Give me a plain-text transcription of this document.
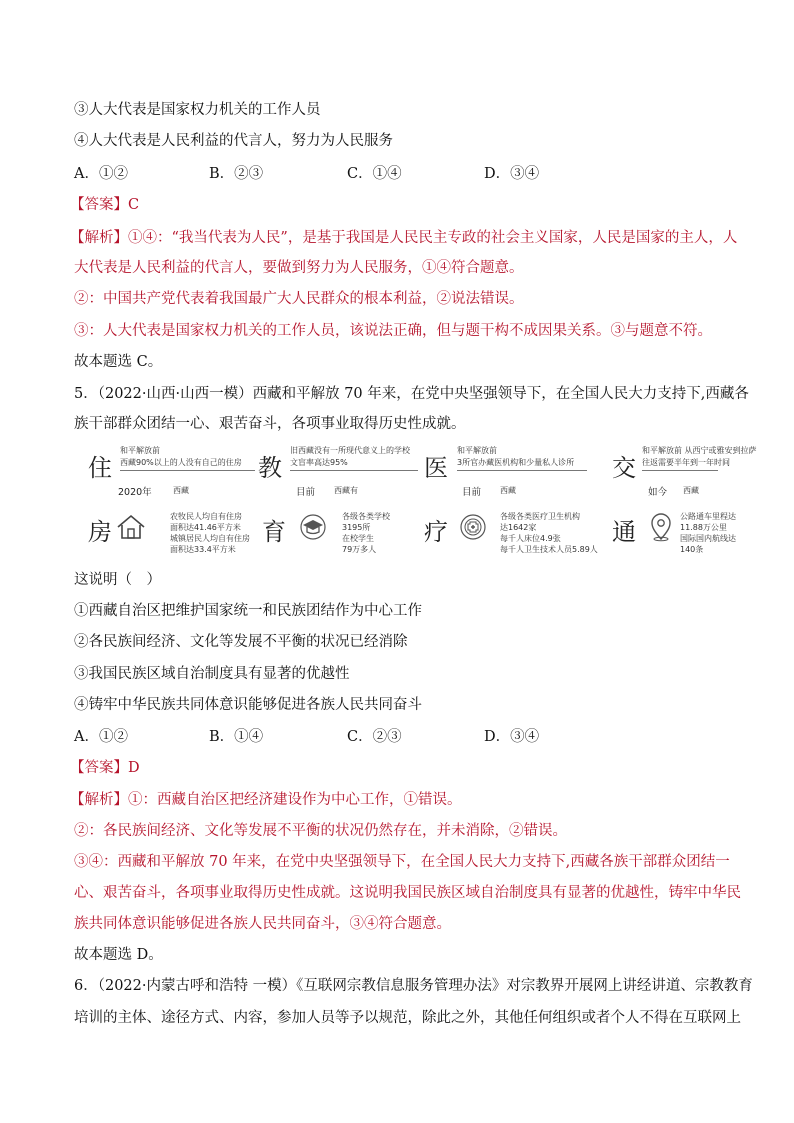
③人大代表是国家权力机关的工作人员
④人大代表是人民利益的代言人，努力为人民服务
A．①②	B．②③	C．①④	D．③④
【答案】C
【解析】①④：“我当代表为人民”，是基于我国是人民民主专政的社会主义国家，人民是国家的主人，人
大代表是人民利益的代言人，要做到努力为人民服务，①④符合题意。
②：中国共产党代表着我国最广大人民群众的根本利益，②说法错误。
③：人大代表是国家权力机关的工作人员，该说法正确，但与题干构不成因果关系。③与题意不符。
故本题选 C。
5．（2022·山西·山西一模）西藏和平解放 70 年来，在党中央坚强领导下，在全国人民大力支持下,西藏各
族干部群众团结一心、艰苦奋斗，各项事业取得历史性成就。
住
房
和平解放前
西藏90%以上的人没有自己的住房
2020年	西藏
农牧民人均自有住房
面积达41.46平方米
城镇居民人均自有住房
面积达33.4平方米
教
育
旧西藏没有一所现代意义上的学校
文盲率高达95%
目前 西藏有
各级各类学校
3195所
在校学生
79万多人
医
疗
和平解放前
3所官办藏医机构和少量私人诊所
目前 西藏
各级各类医疗卫生机构
达1642家
每千人床位4.9张
每千人卫生技术人员5.89人
交
通
和平解放前 从西宁或雅安到拉萨
往返需要半年到一年时间
如今 西藏
公路通车里程达
11.88万公里
国际国内航线达
140条
这说明（　）
①西藏自治区把维护国家统一和民族团结作为中心工作
②各民族间经济、文化等发展不平衡的状况已经消除
③我国民族区域自治制度具有显著的优越性
④铸牢中华民族共同体意识能够促进各族人民共同奋斗
A．①②	B．①④	C．②③	D．③④
【答案】D
【解析】①：西藏自治区把经济建设作为中心工作，①错误。
②：各民族间经济、文化等发展不平衡的状况仍然存在，并未消除，②错误。
③④：西藏和平解放 70 年来，在党中央坚强领导下，在全国人民大力支持下,西藏各族干部群众团结一
心、艰苦奋斗，各项事业取得历史性成就。这说明我国民族区域自治制度具有显著的优越性，铸牢中华民
族共同体意识能够促进各族人民共同奋斗，③④符合题意。
故本题选 D。
6．（2022·内蒙古呼和浩特 一模）《互联网宗教信息服务管理办法》对宗教界开展网上讲经讲道、宗教教育
培训的主体、途径方式、内容，参加人员等予以规范，除此之外，其他任何组织或者个人不得在互联网上
